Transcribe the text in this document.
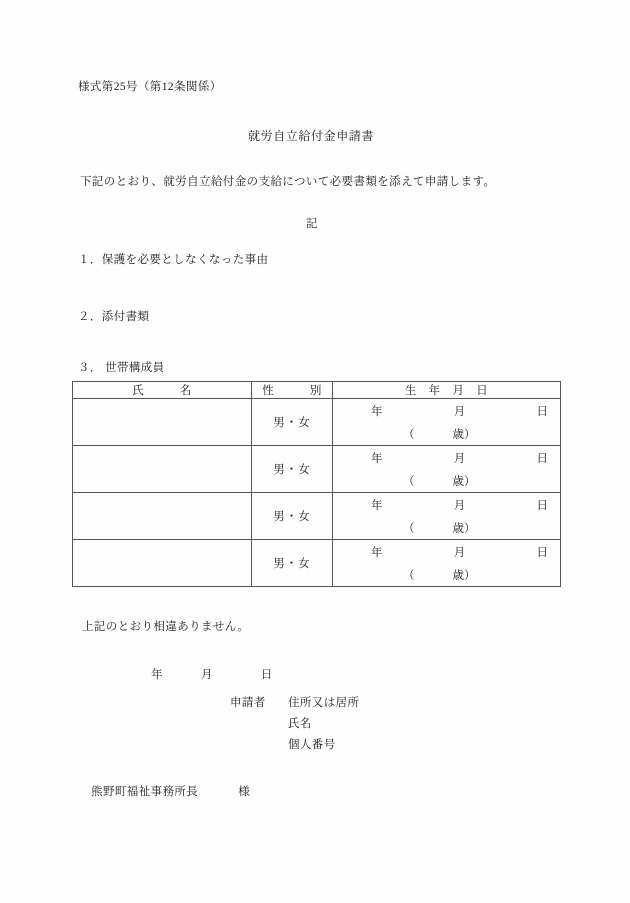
様式第25号（第12条関係）
就労自立給付金申請書
下記のとおり、就労自立給付金の支給について必要書類を添えて申請します。
記
１．保護を必要としなくなった事由
２．添付書類
３． 世帯構成員
氏　　　名	性　　　別	生　年　月　日
	男・女	年 月 日
（ 歳）

	男・女	年 月 日
（ 歳）

	男・女	年 月 日
（ 歳）

	男・女	年 月 日
（ 歳）
上記のとおり相違ありません。

年	月	日

申請者 住所又は居所
氏名
個人番号

熊野町福祉事務所長	様
